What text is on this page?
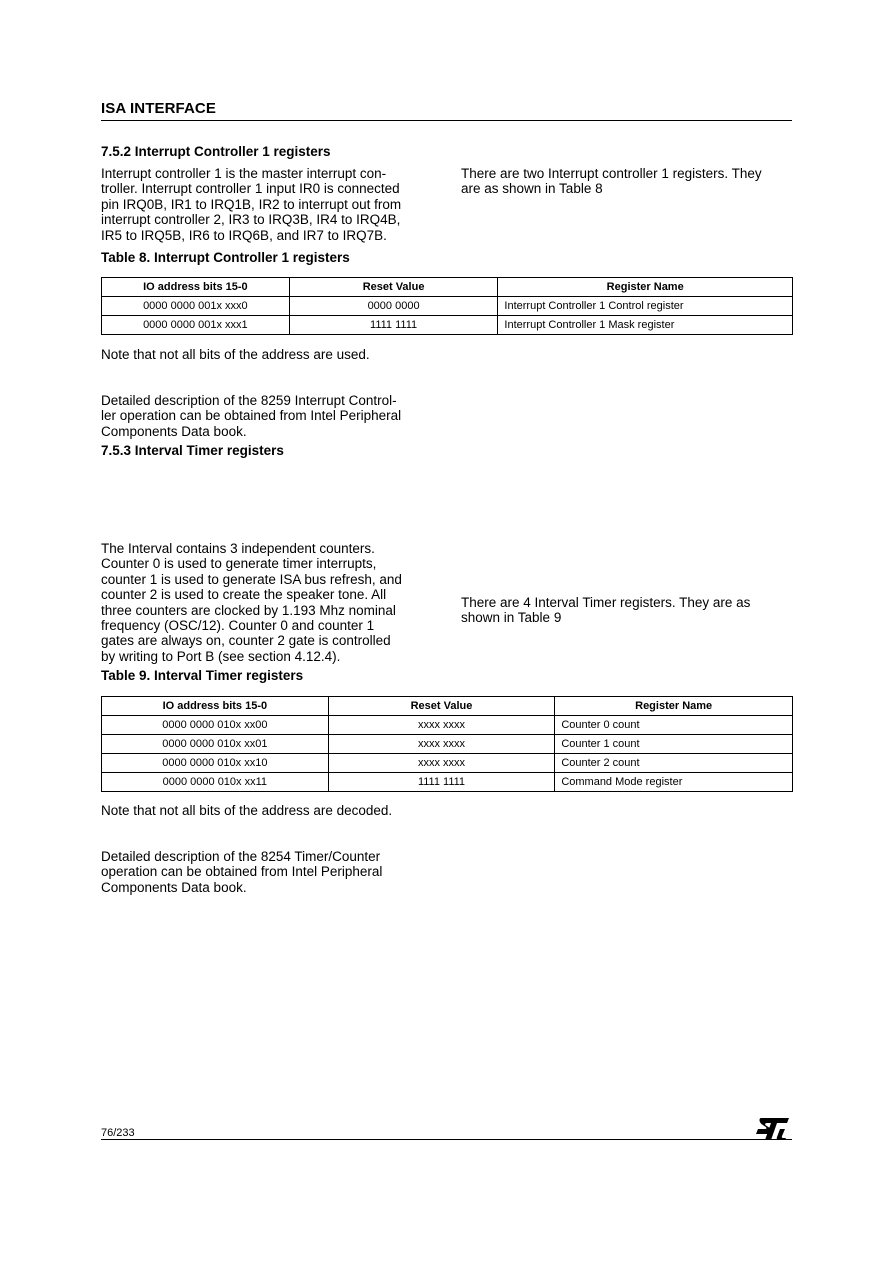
ISA INTERFACE
7.5.2 Interrupt Controller 1 registers
Interrupt controller 1 is the master interrupt con-
troller. Interrupt controller 1 input IR0 is connected
pin IRQ0B, IR1 to IRQ1B, IR2 to interrupt out from
interrupt controller 2, IR3 to IRQ3B, IR4 to IRQ4B,
IR5 to IRQ5B, IR6 to IRQ6B, and IR7 to IRQ7B.
There are two Interrupt controller 1 registers. They
are as shown in Table 8
Table 8. Interrupt Controller 1 registers
IO address bits 15-0	Reset Value	Register Name
0000 0000 001x xxx0	0000 0000	Interrupt Controller 1 Control register
0000 0000 001x xxx1	1111 1111	Interrupt Controller 1 Mask register
Note that not all bits of the address are used.
Detailed description of the 8259 Interrupt Control-
ler operation can be obtained from Intel Peripheral
Components Data book.
7.5.3 Interval Timer registers
The Interval contains 3 independent counters.
Counter 0 is used to generate timer interrupts,
counter 1 is used to generate ISA bus refresh, and
counter 2 is used to create the speaker tone. All
three counters are clocked by 1.193 Mhz nominal
frequency (OSC/12). Counter 0 and counter 1
gates are always on, counter 2 gate is controlled
by writing to Port B (see section 4.12.4).
There are 4 Interval Timer registers. They are as
shown in Table 9
Table 9. Interval Timer registers
IO address bits 15-0	Reset Value	Register Name
0000 0000 010x xx00	xxxx xxxx	Counter 0 count
0000 0000 010x xx01	xxxx xxxx	Counter 1 count
0000 0000 010x xx10	xxxx xxxx	Counter 2 count
0000 0000 010x xx11	1111 1111	Command Mode register
Note that not all bits of the address are decoded.
Detailed description of the 8254 Timer/Counter
operation can be obtained from Intel Peripheral
Components Data book.
76/233
